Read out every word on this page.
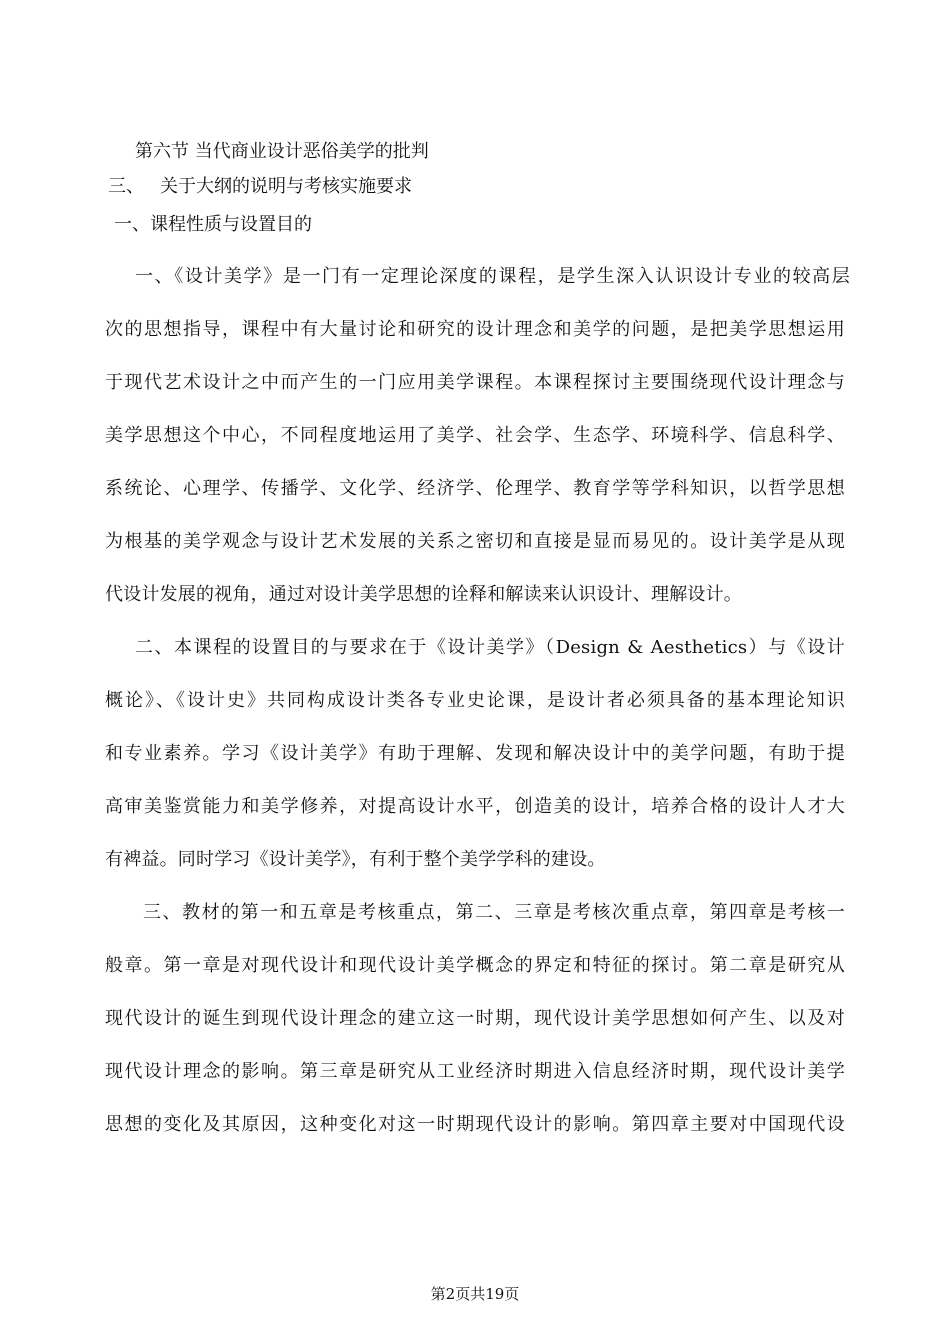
第六节 当代商业设计恶俗美学的批判
三、 关于大纲的说明与考核实施要求
一、课程性质与设置目的
一、《设计美学》是一门有一定理论深度的课程，是学生深入认识设计专业的较高层
次的思想指导，课程中有大量讨论和研究的设计理念和美学的问题，是把美学思想运用
于现代艺术设计之中而产生的一门应用美学课程。本课程探讨主要围绕现代设计理念与
美学思想这个中心，不同程度地运用了美学、社会学、生态学、环境科学、信息科学、
系统论、心理学、传播学、文化学、经济学、伦理学、教育学等学科知识，以哲学思想
为根基的美学观念与设计艺术发展的关系之密切和直接是显而易见的。设计美学是从现
代设计发展的视角，通过对设计美学思想的诠释和解读来认识设计、理解设计。
二、本课程的设置目的与要求在于《设计美学》（Design & Aesthetics）与《设计
概论》、《设计史》共同构成设计类各专业史论课，是设计者必须具备的基本理论知识
和专业素养。学习《设计美学》有助于理解、发现和解决设计中的美学问题，有助于提
高审美鉴赏能力和美学修养，对提高设计水平，创造美的设计，培养合格的设计人才大
有裨益。同时学习《设计美学》，有利于整个美学学科的建设。
三、教材的第一和五章是考核重点，第二、三章是考核次重点章，第四章是考核一
般章。第一章是对现代设计和现代设计美学概念的界定和特征的探讨。第二章是研究从
现代设计的诞生到现代设计理念的建立这一时期，现代设计美学思想如何产生、以及对
现代设计理念的影响。第三章是研究从工业经济时期进入信息经济时期，现代设计美学
思想的变化及其原因，这种变化对这一时期现代设计的影响。第四章主要对中国现代设
第2页共19页
